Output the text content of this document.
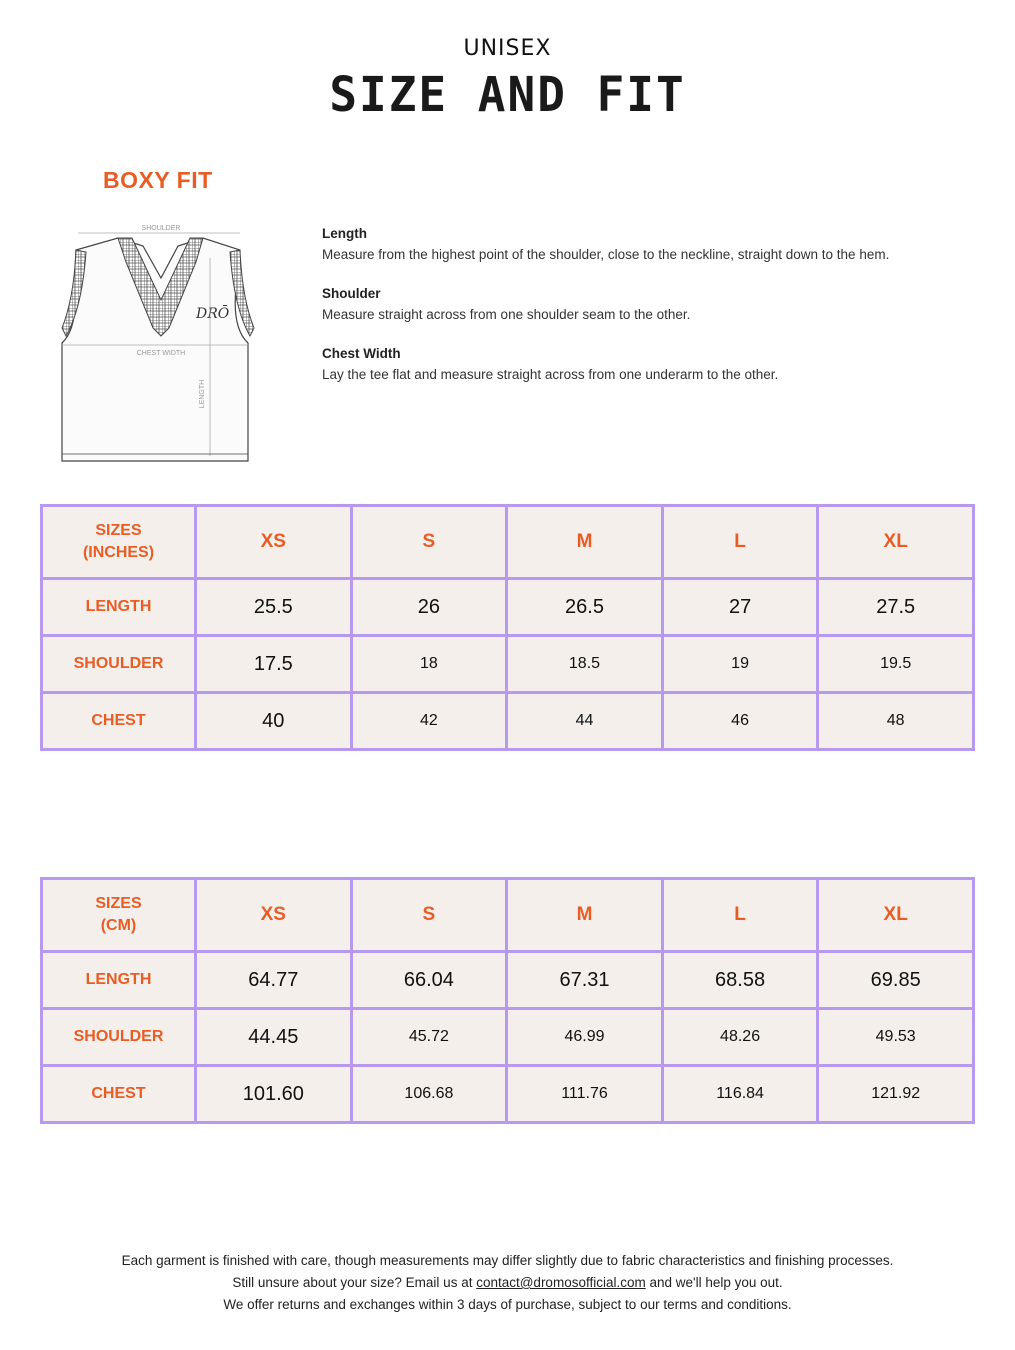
UNISEX
SIZE AND FIT
BOXY FIT
SHOULDER
DRŌ
CHEST WIDTH
LENGTH
Length
Measure from the highest point of the shoulder, close to the neckline, straight down to the hem.
Shoulder
Measure straight across from one shoulder seam to the other.
Chest Width
Lay the tee flat and measure straight across from one underarm to the other.
SIZES
(INCHES)	XS	S	M	L	XL
LENGTH	25.5	26	26.5	27	27.5
SHOULDER	17.5	18	18.5	19	19.5
CHEST	40	42	44	46	48
SIZES
(CM)	XS	S	M	L	XL
LENGTH	64.77	66.04	67.31	68.58	69.85
SHOULDER	44.45	45.72	46.99	48.26	49.53
CHEST	101.60	106.68	111.76	116.84	121.92
Each garment is finished with care, though measurements may differ slightly due to fabric characteristics and finishing processes.
Still unsure about your size? Email us at contact@dromosofficial.com and we'll help you out.
We offer returns and exchanges within 3 days of purchase, subject to our terms and conditions.
